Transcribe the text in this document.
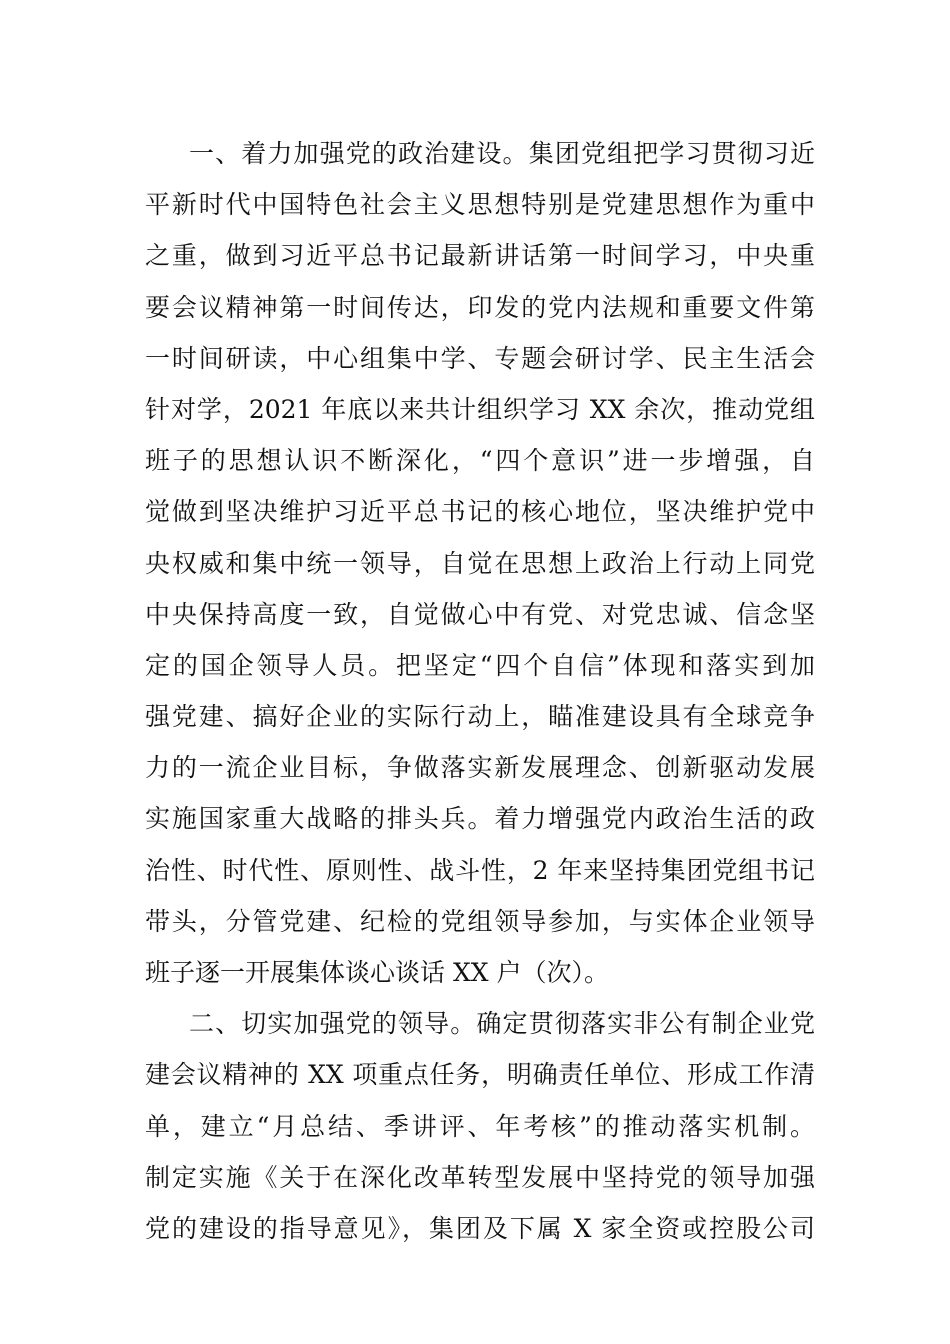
一、着力加强党的政治建设。集团党组把学习贯彻习近
平新时代中国特色社会主义思想特别是党建思想作为重中
之重，做到习近平总书记最新讲话第一时间学习，中央重
要会议精神第一时间传达，印发的党内法规和重要文件第
一时间研读，中心组集中学、专题会研讨学、民主生活会
针对学，2021 年底以来共计组织学习 XX 余次，推动党组
班子的思想认识不断深化，“四个意识”进一步增强，自
觉做到坚决维护习近平总书记的核心地位，坚决维护党中
央权威和集中统一领导，自觉在思想上政治上行动上同党
中央保持高度一致，自觉做心中有党、对党忠诚、信念坚
定的国企领导人员。把坚定“四个自信”体现和落实到加
强党建、搞好企业的实际行动上，瞄准建设具有全球竞争
力的一流企业目标，争做落实新发展理念、创新驱动发展
实施国家重大战略的排头兵。着力增强党内政治生活的政
治性、时代性、原则性、战斗性，2 年来坚持集团党组书记
带头，分管党建、纪检的党组领导参加，与实体企业领导
班子逐一开展集体谈心谈话 XX 户（次）。
二、切实加强党的领导。确定贯彻落实非公有制企业党
建会议精神的 XX 项重点任务，明确责任单位、形成工作清
单，建立“月总结、季讲评、年考核”的推动落实机制。
制定实施《关于在深化改革转型发展中坚持党的领导加强
党的建设的指导意见》，集团及下属 X 家全资或控股公司
